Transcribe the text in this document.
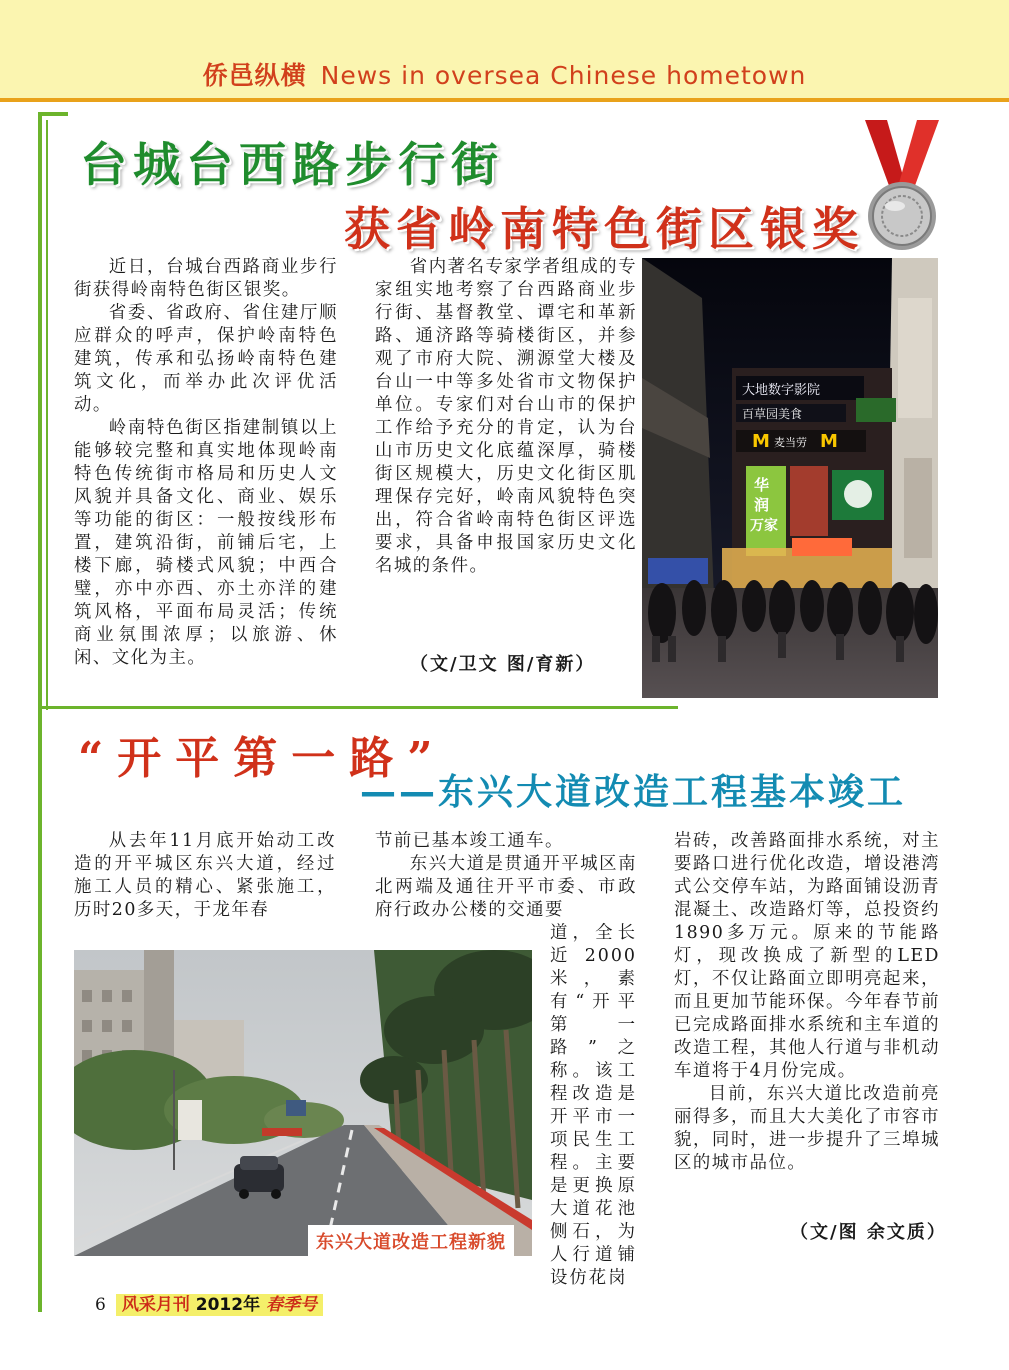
侨邑纵横 News in oversea Chinese hometown
台城台西路步行街
获省岭南特色街区银奖

近日，台城台西路商业步行街获得岭南特色街区银奖。

省委、省政府、省住建厅顺应群众的呼声，保护岭南特色建筑，传承和弘扬岭南特色建筑文化，而举办此次评优活动。

岭南特色街区指建制镇以上能够较完整和真实地体现岭南特色传统街市格局和历史人文风貌并具备文化、商业、娱乐等功能的街区：一般按线形布置，建筑沿街，前铺后宅，上楼下廊，骑楼式风貌；中西合璧，亦中亦西、亦土亦洋的建筑风格，平面布局灵活；传统商业氛围浓厚；以旅游、休闲、文化为主。

省内著名专家学者组成的专家组实地考察了台西路商业步行街、基督教堂、谭宅和革新路、通济路等骑楼街区，并参观了市府大院、溯源堂大楼及台山一中等多处省市文物保护单位。专家们对台山市的保护工作给予充分的肯定，认为台山市历史文化底蕴深厚，骑楼街区规模大，历史文化街区肌理保存完好，岭南风貌特色突出，符合省岭南特色街区评选要求，具备申报国家历史文化名城的条件。

（文/卫文 图/育新）
大地数字影院
百草园美食
M 麦当劳 M
华
润
万家
“开平第一路”
——东兴大道改造工程基本竣工

从去年11月底开始动工改造的开平城区东兴大道，经过施工人员的精心、紧张施工，历时20多天，于龙年春

节前已基本竣工通车。

东兴大道是贯通开平城区南北两端及通往开平市委、市政府行政办公楼的交通要

道，全长近2000米，素有“开平第一路”之称。该工程改造是开平市一项民生工程。主要是更换原大道花池侧石，为人行道铺设仿花岗

岩砖，改善路面排水系统，对主要路口进行优化改造，增设港湾式公交停车站，为路面铺设沥青混凝土、改造路灯等，总投资约1890多万元。原来的节能路灯，现改换成了新型的LED灯，不仅让路面立即明亮起来，而且更加节能环保。今年春节前已完成路面排水系统和主车道的改造工程，其他人行道与非机动车道将于4月份完成。

目前，东兴大道比改造前亮丽得多，而且大大美化了市容市貌，同时，进一步提升了三埠城区的城市品位。

（文/图 余文质）
东兴大道改造工程新貌
6 风采月刊 2012年 春季号
